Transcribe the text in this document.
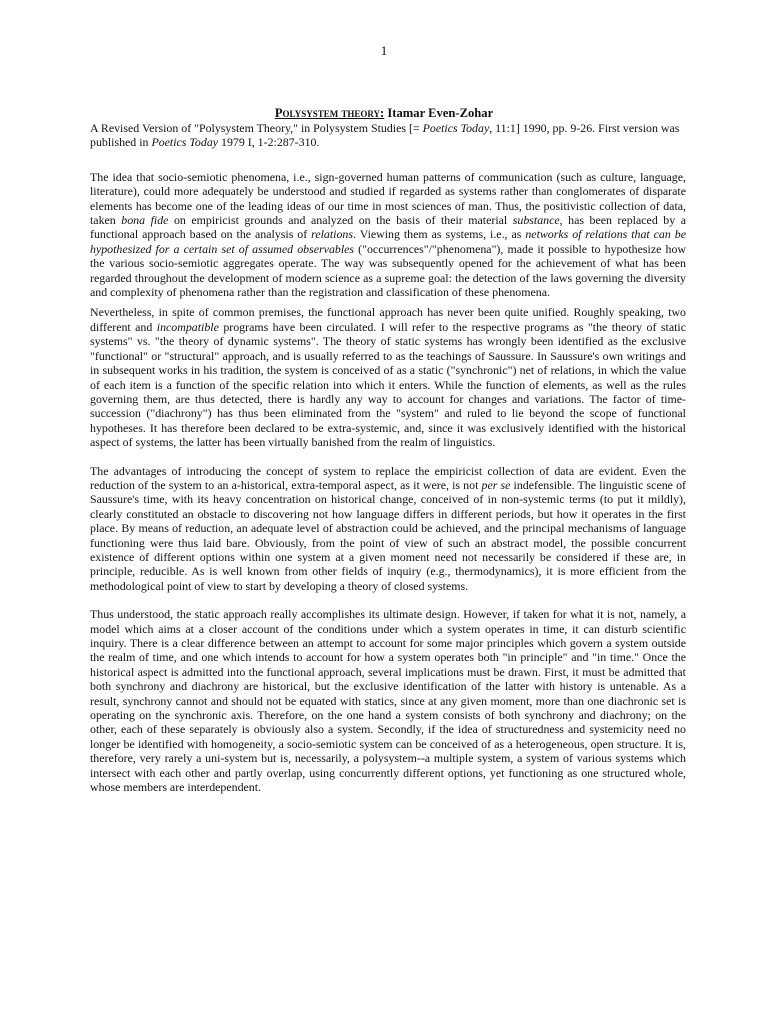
1
Polysystem theory: Itamar Even-Zohar
A Revised Version of "Polysystem Theory," in Polysystem Studies [= Poetics Today, 11:1] 1990, pp. 9-26. First version was published in Poetics Today 1979 I, 1-2:287-310.

The idea that socio-semiotic phenomena, i.e., sign-governed human patterns of communication (such as culture, language, literature), could more adequately be understood and studied if regarded as systems rather than conglomerates of disparate elements has become one of the leading ideas of our time in most sciences of man. Thus, the positivistic collection of data, taken bona fide on empiricist grounds and analyzed on the basis of their material substance, has been replaced by a functional approach based on the analysis of relations. Viewing them as systems, i.e., as networks of relations that can be hypothesized for a certain set of assumed observables ("occurrences"/"phenomena"), made it possible to hypothesize how the various socio-semiotic aggregates operate. The way was subsequently opened for the achievement of what has been regarded throughout the development of modern science as a supreme goal: the detection of the laws governing the diversity and complexity of phenomena rather than the registration and classification of these phenomena.

Nevertheless, in spite of common premises, the functional approach has never been quite unified. Roughly speaking, two different and incompatible programs have been circulated. I will refer to the respective programs as "the theory of static systems" vs. "the theory of dynamic systems". The theory of static systems has wrongly been identified as the exclusive "functional" or "structural" approach, and is usually referred to as the teachings of Saussure. In Saussure's own writings and in subsequent works in his tradition, the system is conceived of as a static ("synchronic") net of relations, in which the value of each item is a function of the specific relation into which it enters. While the function of elements, as well as the rules governing them, are thus detected, there is hardly any way to account for changes and variations. The factor of time-succession ("diachrony") has thus been eliminated from the "system" and ruled to lie beyond the scope of functional hypotheses. It has therefore been declared to be extra-systemic, and, since it was exclusively identified with the historical aspect of systems, the latter has been virtually banished from the realm of linguistics.

The advantages of introducing the concept of system to replace the empiricist collection of data are evident. Even the reduction of the system to an a-historical, extra-temporal aspect, as it were, is not per se indefensible. The linguistic scene of Saussure's time, with its heavy concentration on historical change, conceived of in non-systemic terms (to put it mildly), clearly constituted an obstacle to discovering not how language differs in different periods, but how it operates in the first place. By means of reduction, an adequate level of abstraction could be achieved, and the principal mechanisms of language functioning were thus laid bare. Obviously, from the point of view of such an abstract model, the possible concurrent existence of different options within one system at a given moment need not necessarily be considered if these are, in principle, reducible. As is well known from other fields of inquiry (e.g., thermodynamics), it is more efficient from the methodological point of view to start by developing a theory of closed systems.

Thus understood, the static approach really accomplishes its ultimate design. However, if taken for what it is not, namely, a model which aims at a closer account of the conditions under which a system operates in time, it can disturb scientific inquiry. There is a clear difference between an attempt to account for some major principles which govern a system outside the realm of time, and one which intends to account for how a system operates both "in principle" and "in time." Once the historical aspect is admitted into the functional approach, several implications must be drawn. First, it must be admitted that both synchrony and diachrony are historical, but the exclusive identification of the latter with history is untenable. As a result, synchrony cannot and should not be equated with statics, since at any given moment, more than one diachronic set is operating on the synchronic axis. Therefore, on the one hand a system consists of both synchrony and diachrony; on the other, each of these separately is obviously also a system. Secondly, if the idea of structuredness and systemicity need no longer be identified with homogeneity, a socio-semiotic system can be conceived of as a heterogeneous, open structure. It is, therefore, very rarely a uni-system but is, necessarily, a polysystem--a multiple system, a system of various systems which intersect with each other and partly overlap, using concurrently different options, yet functioning as one structured whole, whose members are interdependent.
